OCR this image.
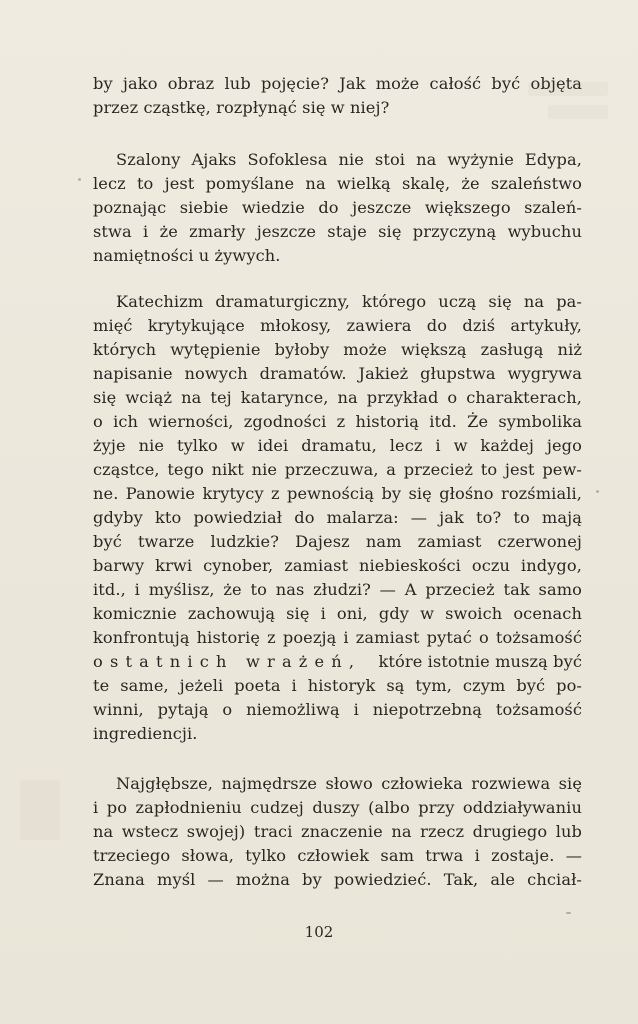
by jako obraz lub pojęcie? Jak może całość być objęta
przez cząstkę, rozpłynąć się w niej?
Szalony Ajaks Sofoklesa nie stoi na wyżynie Edypa,
lecz to jest pomyślane na wielką skalę, że szaleństwo
poznając siebie wiedzie do jeszcze większego szaleń-
stwa i że zmarły jeszcze staje się przyczyną wybuchu
namiętności u żywych.
Katechizm dramaturgiczny, którego uczą się na pa-
mięć krytykujące młokosy, zawiera do dziś artykuły,
których wytępienie byłoby może większą zasługą niż
napisanie nowych dramatów. Jakież głupstwa wygrywa
się wciąż na tej katarynce, na przykład o charakterach,
o ich wierności, zgodności z historią itd. Że symbolika
żyje nie tylko w idei dramatu, lecz i w każdej jego
cząstce, tego nikt nie przeczuwa, a przecież to jest pew-
ne. Panowie krytycy z pewnością by się głośno rozśmiali,
gdyby kto powiedział do malarza: — jak to? to mają
być twarze ludzkie? Dajesz nam zamiast czerwonej
barwy krwi cynober, zamiast niebieskości oczu indygo,
itd., i myślisz, że to nas złudzi? — A przecież tak samo
komicznie zachowują się i oni, gdy w swoich ocenach
konfrontują historię z poezją i zamiast pytać o tożsamość
ostatnich wrażeń, które istotnie muszą być
te same, jeżeli poeta i historyk są tym, czym być po-
winni, pytają o niemożliwą i niepotrzebną tożsamość
ingrediencji.
Najgłębsze, najmędrsze słowo człowieka rozwiewa się
i po zapłodnieniu cudzej duszy (albo przy oddziaływaniu
na wstecz swojej) traci znaczenie na rzecz drugiego lub
trzeciego słowa, tylko człowiek sam trwa i zostaje. —
Znana myśl — można by powiedzieć. Tak, ale chciał-
102
